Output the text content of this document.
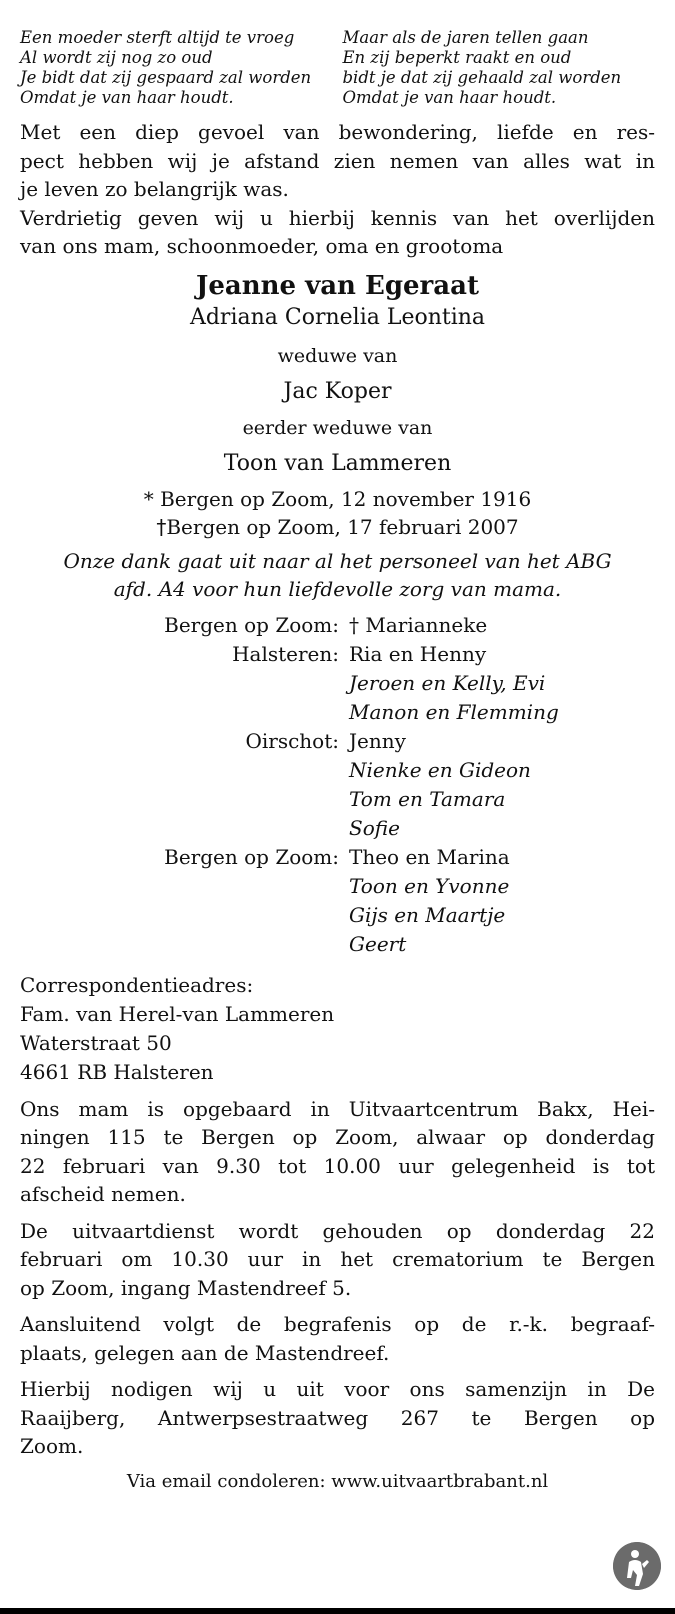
Een moeder sterft altijd te vroeg
Al wordt zij nog zo oud
Je bidt dat zij gespaard zal worden
Omdat je van haar houdt.
Maar als de jaren tellen gaan
En zij beperkt raakt en oud
bidt je dat zij gehaald zal worden
Omdat je van haar houdt.
Met een diep gevoel van bewondering, liefde en res-
pect hebben wij je afstand zien nemen van alles wat in
je leven zo belangrijk was.
Verdrietig geven wij u hierbij kennis van het overlijden
van ons mam, schoonmoeder, oma en grootoma
Jeanne van Egeraat
Adriana Cornelia Leontina
weduwe van
Jac Koper
eerder weduwe van
Toon van Lammeren
* Bergen op Zoom, 12 november 1916
†Bergen op Zoom, 17 februari 2007
Onze dank gaat uit naar al het personeel van het ABG
afd. A4 voor hun liefdevolle zorg van mama.
Bergen op Zoom: † Marianneke
Halsteren: Ria en Henny
Jeroen en Kelly, Evi
Manon en Flemming
Oirschot: Jenny
Nienke en Gideon
Tom en Tamara
Sofie
Bergen op Zoom: Theo en Marina
Toon en Yvonne
Gijs en Maartje
Geert
Correspondentieadres:
Fam. van Herel-van Lammeren
Waterstraat 50
4661 RB Halsteren
Ons mam is opgebaard in Uitvaartcentrum Bakx, Hei-
ningen 115 te Bergen op Zoom, alwaar op donderdag
22 februari van 9.30 tot 10.00 uur gelegenheid is tot
afscheid nemen.
De uitvaartdienst wordt gehouden op donderdag 22
februari om 10.30 uur in het crematorium te Bergen
op Zoom, ingang Mastendreef 5.
Aansluitend volgt de begrafenis op de r.-k. begraaf-
plaats, gelegen aan de Mastendreef.
Hierbij nodigen wij u uit voor ons samenzijn in De
Raaijberg, Antwerpsestraatweg 267 te Bergen op
Zoom.
Via email condoleren: www.uitvaartbrabant.nl
